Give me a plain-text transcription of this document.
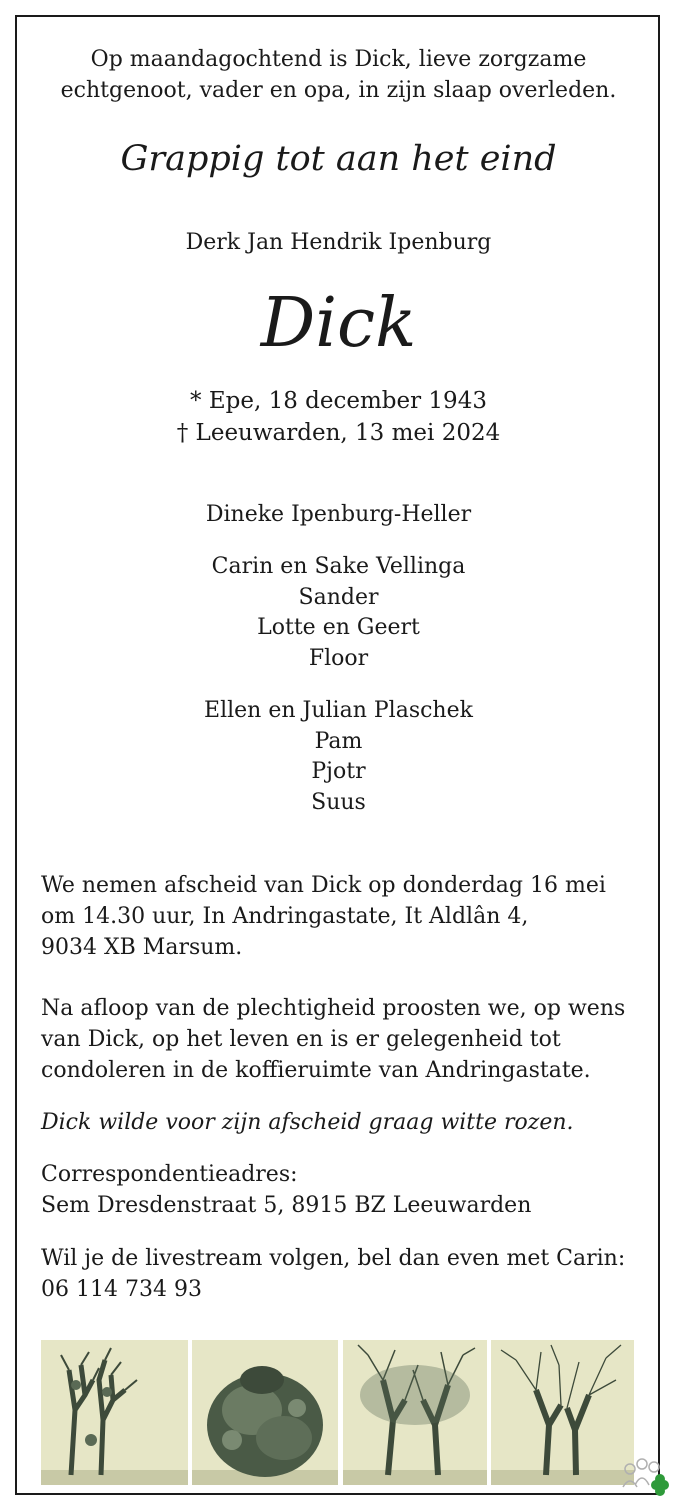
Op maandagochtend is Dick, lieve zorgzame
echtgenoot, vader en opa, in zijn slaap overleden.
Grappig tot aan het eind
Derk Jan Hendrik Ipenburg
Dick
* Epe, 18 december 1943
† Leeuwarden, 13 mei 2024
Dineke Ipenburg-Heller
Carin en Sake Vellinga
Sander
Lotte en Geert
Floor
Ellen en Julian Plaschek
Pam
Pjotr
Suus
We nemen afscheid van Dick op donderdag 16 mei
om 14.30 uur, In Andringastate, It Aldlân 4,
9034 XB Marsum.
Na afloop van de plechtigheid proosten we, op wens
van Dick, op het leven en is er gelegenheid tot
condoleren in de koffieruimte van Andringastate.
Dick wilde voor zijn afscheid graag witte rozen.
Correspondentieadres:
Sem Dresdenstraat 5, 8915 BZ Leeuwarden
Wil je de livestream volgen, bel dan even met Carin:
06 114 734 93
